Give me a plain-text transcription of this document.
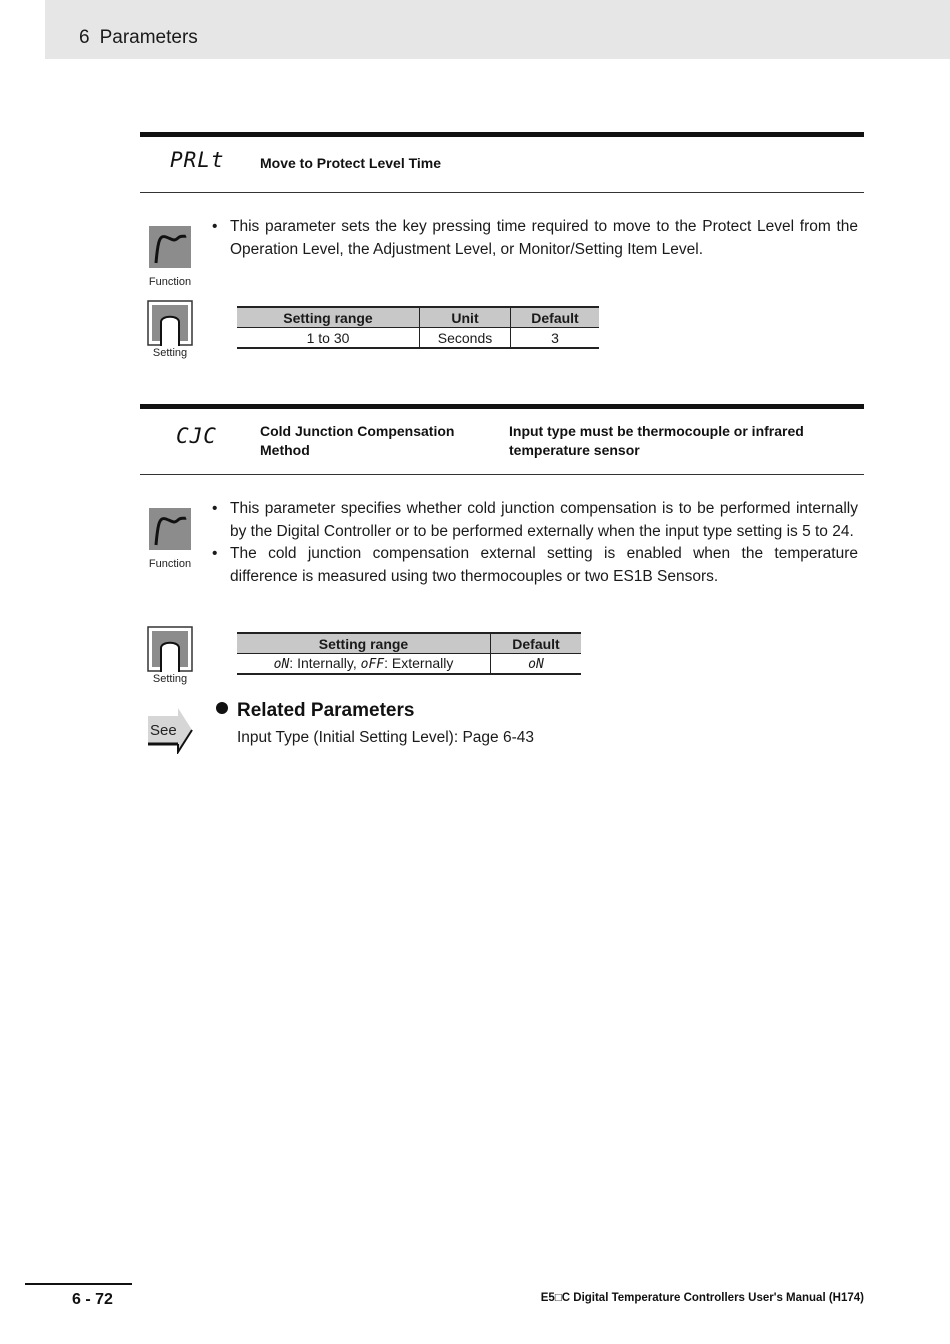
6 Parameters
PRLt	Move to Protect Level Time
Function
• This parameter sets the key pressing time required to move to the Protect Level from the Operation Level, the Adjustment Level, or Monitor/Setting Item Level.
Setting
Setting range	Unit	Default
1 to 30	Seconds	3
CJC	Cold Junction Compensation Method
Input type must be thermocouple or infrared temperature sensor
Function
• This parameter specifies whether cold junction compensation is to be performed internally by the Digital Controller or to be performed externally when the input type setting is 5 to 24.
• The cold junction compensation external setting is enabled when the temperature difference is measured using two thermocouples or two ES1B Sensors.
Setting
Setting range	Default
oN: Internally, oFF: Externally	oN
See
Related Parameters
Input Type (Initial Setting Level): Page 6-43
6 - 72	E5□C Digital Temperature Controllers User's Manual (H174)
